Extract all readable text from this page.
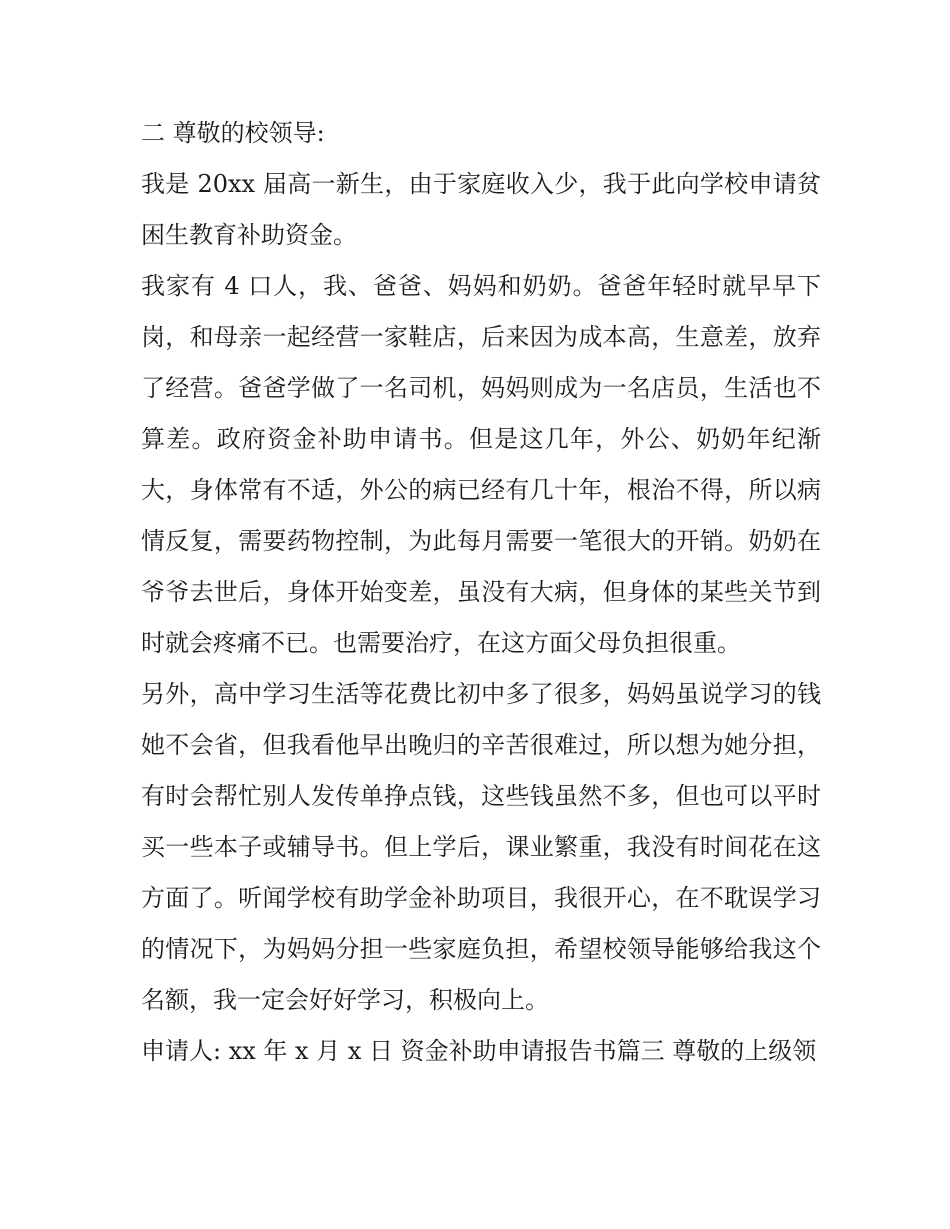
二 尊敬的校领导:

我是 20xx 届高一新生，由于家庭收入少，我于此向学校申请贫困生教育补助资金。

我家有 4 口人，我、爸爸、妈妈和奶奶。爸爸年轻时就早早下岗，和母亲一起经营一家鞋店，后来因为成本高，生意差，放弃了经营。爸爸学做了一名司机，妈妈则成为一名店员，生活也不算差。政府资金补助申请书。但是这几年，外公、奶奶年纪渐大，身体常有不适，外公的病已经有几十年，根治不得，所以病情反复，需要药物控制，为此每月需要一笔很大的开销。奶奶在爷爷去世后，身体开始变差，虽没有大病，但身体的某些关节到时就会疼痛不已。也需要治疗，在这方面父母负担很重。

另外，高中学习生活等花费比初中多了很多，妈妈虽说学习的钱她不会省，但我看他早出晚归的辛苦很难过，所以想为她分担，有时会帮忙别人发传单挣点钱，这些钱虽然不多，但也可以平时买一些本子或辅导书。但上学后，课业繁重，我没有时间花在这方面了。听闻学校有助学金补助项目，我很开心，在不耽误学习的情况下，为妈妈分担一些家庭负担，希望校领导能够给我这个名额，我一定会好好学习，积极向上。

申请人: xx 年 x 月 x 日 资金补助申请报告书篇三 尊敬的上级领
